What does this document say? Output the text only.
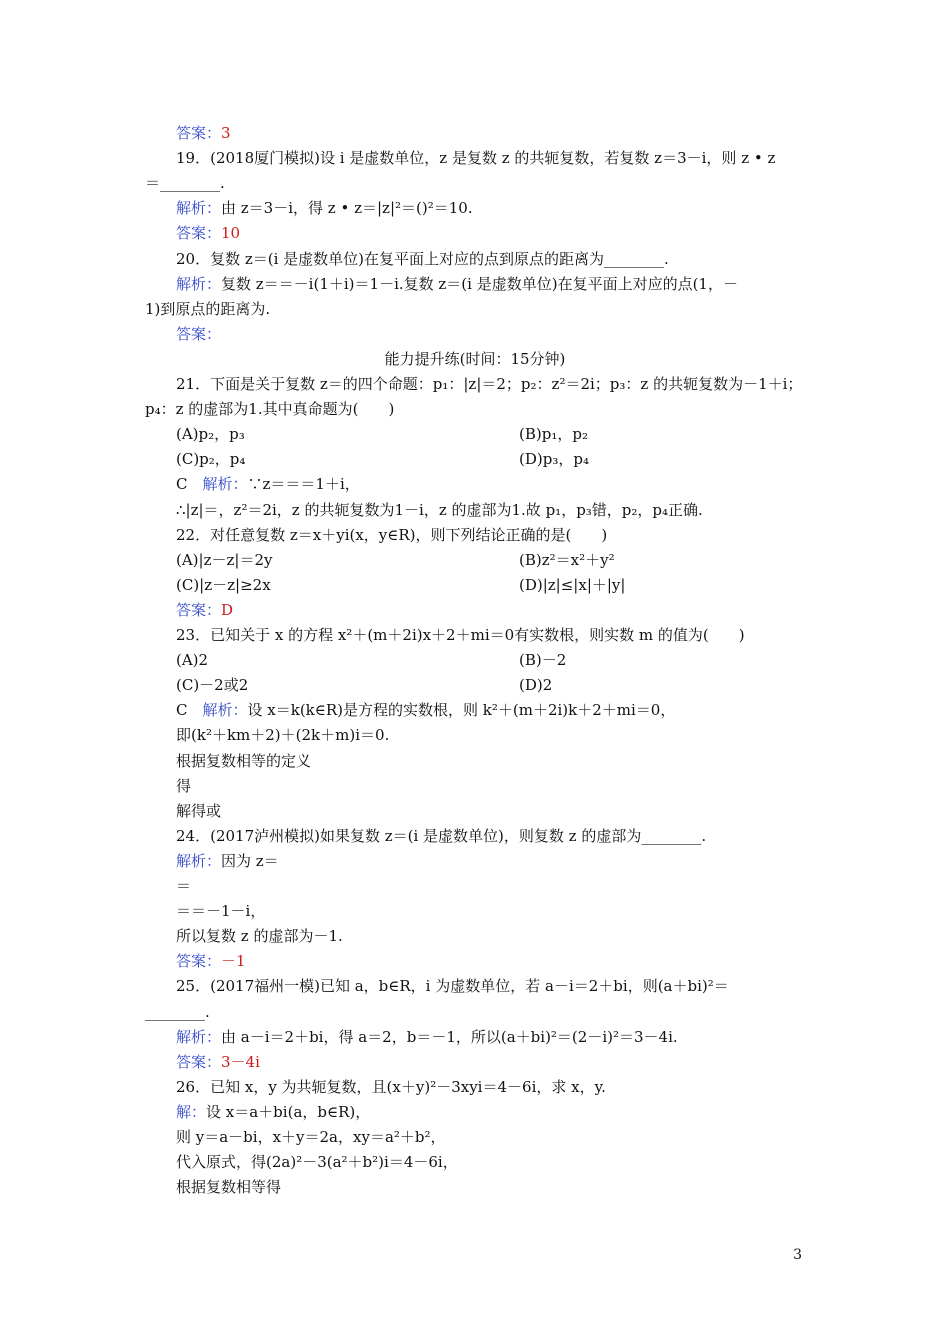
答案：3
19．(2018厦门模拟)设 i 是虚数单位，z 是复数 z 的共轭复数，若复数 z＝3－i，则 z • z
＝________.
解析：由 z＝3－i，得 z • z＝|z|²＝()²＝10.
答案：10
20．复数 z＝(i 是虚数单位)在复平面上对应的点到原点的距离为________.
解析：复数 z＝＝－i(1＋i)＝1－i.复数 z＝(i 是虚数单位)在复平面上对应的点(1，－
1)到原点的距离为.
答案：
能力提升练(时间：15分钟)
21．下面是关于复数 z＝的四个命题：p₁：|z|＝2；p₂：z²＝2i；p₃：z 的共轭复数为－1＋i；
p₄：z 的虚部为1.其中真命题为(　　)
(A)p₂，p₃	(B)p₁，p₂
(C)p₂，p₄	(D)p₃，p₄
C　解析：∵z＝＝＝1＋i，
∴|z|＝，z²＝2i，z 的共轭复数为1－i，z 的虚部为1.故 p₁，p₃错，p₂，p₄正确.
22．对任意复数 z＝x＋yi(x，y∈R)，则下列结论正确的是(　　)
(A)|z－z|＝2y	(B)z²＝x²＋y²
(C)|z－z|≥2x	(D)|z|≤|x|＋|y|
答案：D
23．已知关于 x 的方程 x²＋(m＋2i)x＋2＋mi＝0有实数根，则实数 m 的值为(　　)
(A)2	(B)－2
(C)－2或2	(D)2
C　解析：设 x＝k(k∈R)是方程的实数根，则 k²＋(m＋2i)k＋2＋mi＝0，
即(k²＋km＋2)＋(2k＋m)i＝0.
根据复数相等的定义
得
解得或
24．(2017泸州模拟)如果复数 z＝(i 是虚数单位)，则复数 z 的虚部为________.
解析：因为 z＝
＝
＝＝－1－i，
所以复数 z 的虚部为－1.
答案：－1
25．(2017福州一模)已知 a，b∈R，i 为虚数单位，若 a－i＝2＋bi，则(a＋bi)²＝
________.
解析：由 a－i＝2＋bi，得 a＝2，b＝－1，所以(a＋bi)²＝(2－i)²＝3－4i.
答案：3－4i
26．已知 x，y 为共轭复数，且(x＋y)²－3xyi＝4－6i，求 x，y.
解：设 x＝a＋bi(a，b∈R)，
则 y＝a－bi，x＋y＝2a，xy＝a²＋b²，
代入原式，得(2a)²－3(a²＋b²)i＝4－6i，
根据复数相等得
3
